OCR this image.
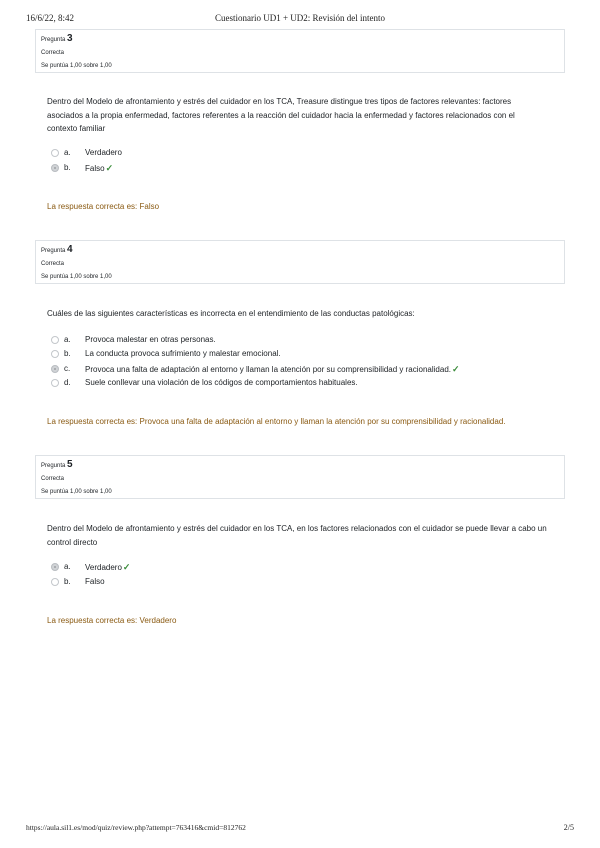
16/6/22, 8:42	Cuestionario UD1 + UD2: Revisión del intento
Pregunta 3
Correcta
Se puntúa 1,00 sobre 1,00
Dentro del Modelo de afrontamiento y estrés del cuidador en los TCA, Treasure distingue tres tipos de factores relevantes: factores asociados a la propia enfermedad, factores referentes a la reacción del cuidador hacia la enfermedad y factores relacionados con el contexto familiar
a. Verdadero
b. Falso✓
La respuesta correcta es: Falso
Pregunta 4
Correcta
Se puntúa 1,00 sobre 1,00
Cuáles de las siguientes características es incorrecta en el entendimiento de las conductas patológicas:
a. Provoca malestar en otras personas.
b. La conducta provoca sufrimiento y malestar emocional.
c. Provoca una falta de adaptación al entorno y llaman la atención por su comprensibilidad y racionalidad.✓
d. Suele conllevar una violación de los códigos de comportamientos habituales.
La respuesta correcta es: Provoca una falta de adaptación al entorno y llaman la atención por su comprensibilidad y racionalidad.
Pregunta 5
Correcta
Se puntúa 1,00 sobre 1,00
Dentro del Modelo de afrontamiento y estrés del cuidador en los TCA, en los factores relacionados con el cuidador se puede llevar a cabo un control directo
a. Verdadero✓
b. Falso
La respuesta correcta es: Verdadero
https://aula.sil1.es/mod/quiz/review.php?attempt=763416&cmid=812762	2/5
